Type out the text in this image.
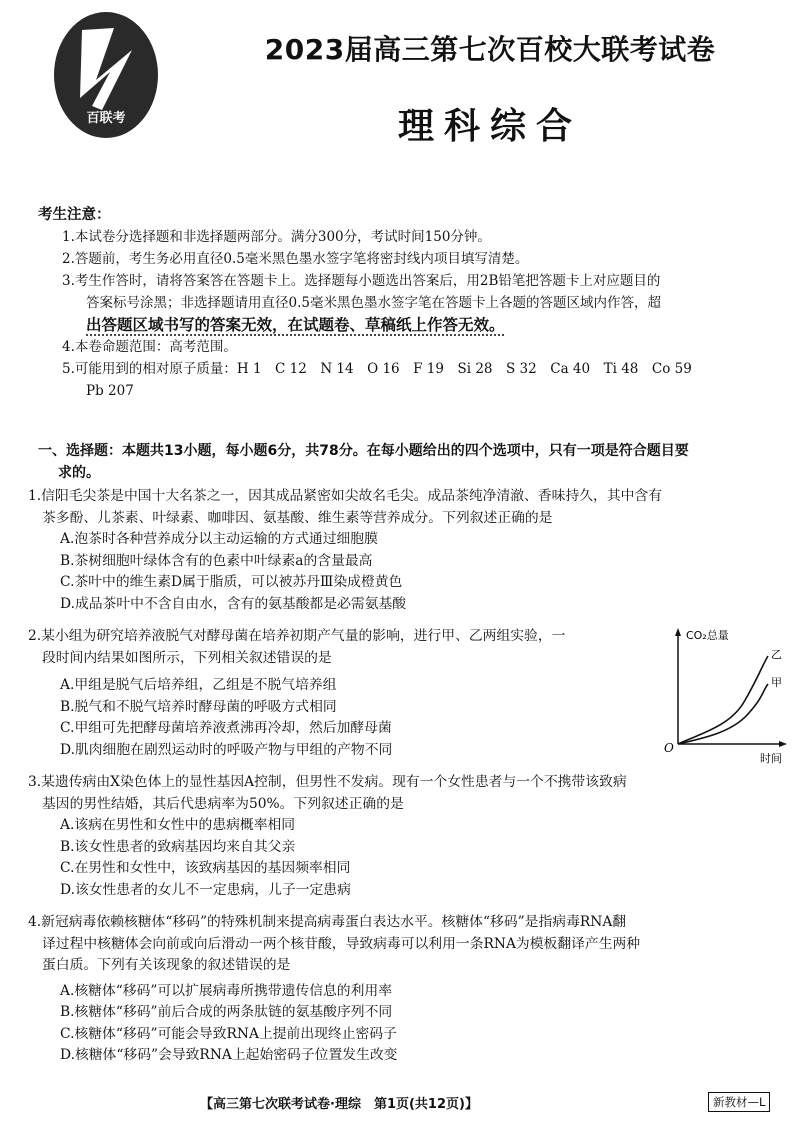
百联考
2023届高三第七次百校大联考试卷
理科综合
考生注意：
1.本试卷分选择题和非选择题两部分。满分300分，考试时间150分钟。
2.答题前，考生务必用直径0.5毫米黑色墨水签字笔将密封线内项目填写清楚。
3.考生作答时，请将答案答在答题卡上。选择题每小题选出答案后，用2B铅笔把答题卡上对应题目的
答案标号涂黑；非选择题请用直径0.5毫米黑色墨水签字笔在答题卡上各题的答题区域内作答，超
出答题区域书写的答案无效，在试题卷、草稿纸上作答无效。
4.本卷命题范围：高考范围。
5.可能用到的相对原子质量：H 1　C 12　N 14　O 16　F 19　Si 28　S 32　Ca 40　Ti 48　Co 59
Pb 207
一、选择题：本题共13小题，每小题6分，共78分。在每小题给出的四个选项中，只有一项是符合题目要
求的。
1.信阳毛尖茶是中国十大名茶之一，因其成品紧密如尖故名毛尖。成品茶纯净清澈、香味持久，其中含有
茶多酚、儿茶素、叶绿素、咖啡因、氨基酸、维生素等营养成分。下列叙述正确的是
A.泡茶时各种营养成分以主动运输的方式通过细胞膜
B.茶树细胞叶绿体含有的色素中叶绿素a的含量最高
C.茶叶中的维生素D属于脂质，可以被苏丹Ⅲ染成橙黄色
D.成品茶叶中不含自由水，含有的氨基酸都是必需氨基酸
2.某小组为研究培养液脱气对酵母菌在培养初期产气量的影响，进行甲、乙两组实验，一
段时间内结果如图所示，下列相关叙述错误的是
A.甲组是脱气后培养组，乙组是不脱气培养组
B.脱气和不脱气培养时酵母菌的呼吸方式相同
C.甲组可先把酵母菌培养液煮沸再冷却，然后加酵母菌
D.肌肉细胞在剧烈运动时的呼吸产物与甲组的产物不同
CO₂总量
时间
O
乙
甲
3.某遗传病由X染色体上的显性基因A控制，但男性不发病。现有一个女性患者与一个不携带该致病
基因的男性结婚，其后代患病率为50%。下列叙述正确的是
A.该病在男性和女性中的患病概率相同
B.该女性患者的致病基因均来自其父亲
C.在男性和女性中，该致病基因的基因频率相同
D.该女性患者的女儿不一定患病，儿子一定患病
4.新冠病毒依赖核糖体“移码”的特殊机制来提高病毒蛋白表达水平。核糖体“移码”是指病毒RNA翻
译过程中核糖体会向前或向后滑动一两个核苷酸，导致病毒可以利用一条RNA为模板翻译产生两种
蛋白质。下列有关该现象的叙述错误的是
A.核糖体“移码”可以扩展病毒所携带遗传信息的利用率
B.核糖体“移码”前后合成的两条肽链的氨基酸序列不同
C.核糖体“移码”可能会导致RNA上提前出现终止密码子
D.核糖体“移码”会导致RNA上起始密码子位置发生改变
【高三第七次联考试卷·理综　第1页(共12页)】	新教材—L
